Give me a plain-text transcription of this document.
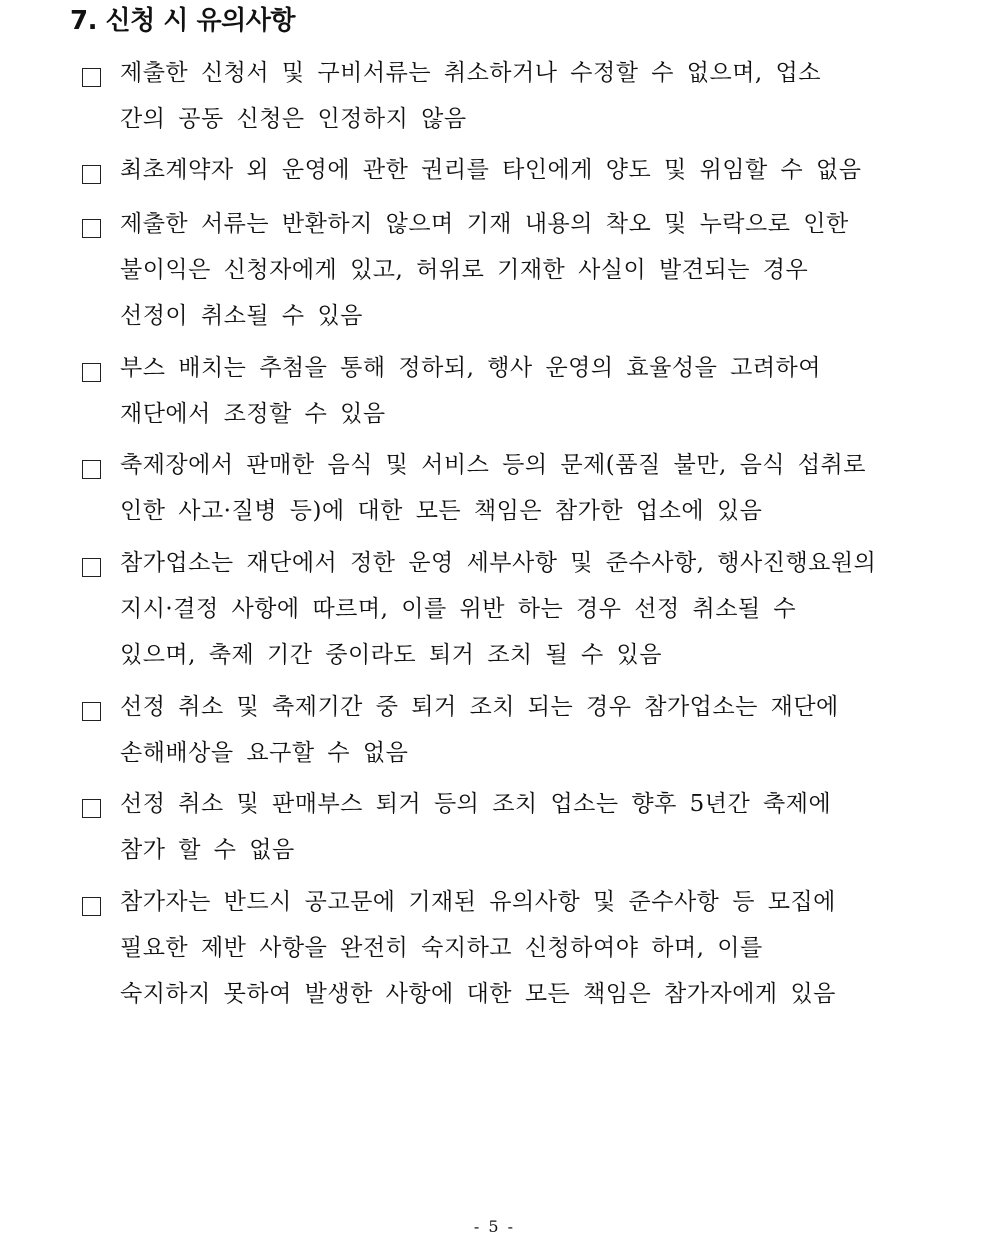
7. 신청 시 유의사항
제출한 신청서 및 구비서류는 취소하거나 수정할 수 없으며, 업소
간의 공동 신청은 인정하지 않음
최초계약자 외 운영에 관한 권리를 타인에게 양도 및 위임할 수 없음
제출한 서류는 반환하지 않으며 기재 내용의 착오 및 누락으로 인한
불이익은 신청자에게 있고, 허위로 기재한 사실이 발견되는 경우
선정이 취소될 수 있음
부스 배치는 추첨을 통해 정하되, 행사 운영의 효율성을 고려하여
재단에서 조정할 수 있음
축제장에서 판매한 음식 및 서비스 등의 문제(품질 불만, 음식 섭취로
인한 사고·질병 등)에 대한 모든 책임은 참가한 업소에 있음
참가업소는 재단에서 정한 운영 세부사항 및 준수사항, 행사진행요원의
지시·결정 사항에 따르며, 이를 위반 하는 경우 선정 취소될 수
있으며, 축제 기간 중이라도 퇴거 조치 될 수 있음
선정 취소 및 축제기간 중 퇴거 조치 되는 경우 참가업소는 재단에
손해배상을 요구할 수 없음
선정 취소 및 판매부스 퇴거 등의 조치 업소는 향후 5년간 축제에
참가 할 수 없음
참가자는 반드시 공고문에 기재된 유의사항 및 준수사항 등 모집에
필요한 제반 사항을 완전히 숙지하고 신청하여야 하며, 이를
숙지하지 못하여 발생한 사항에 대한 모든 책임은 참가자에게 있음
- 5 -
